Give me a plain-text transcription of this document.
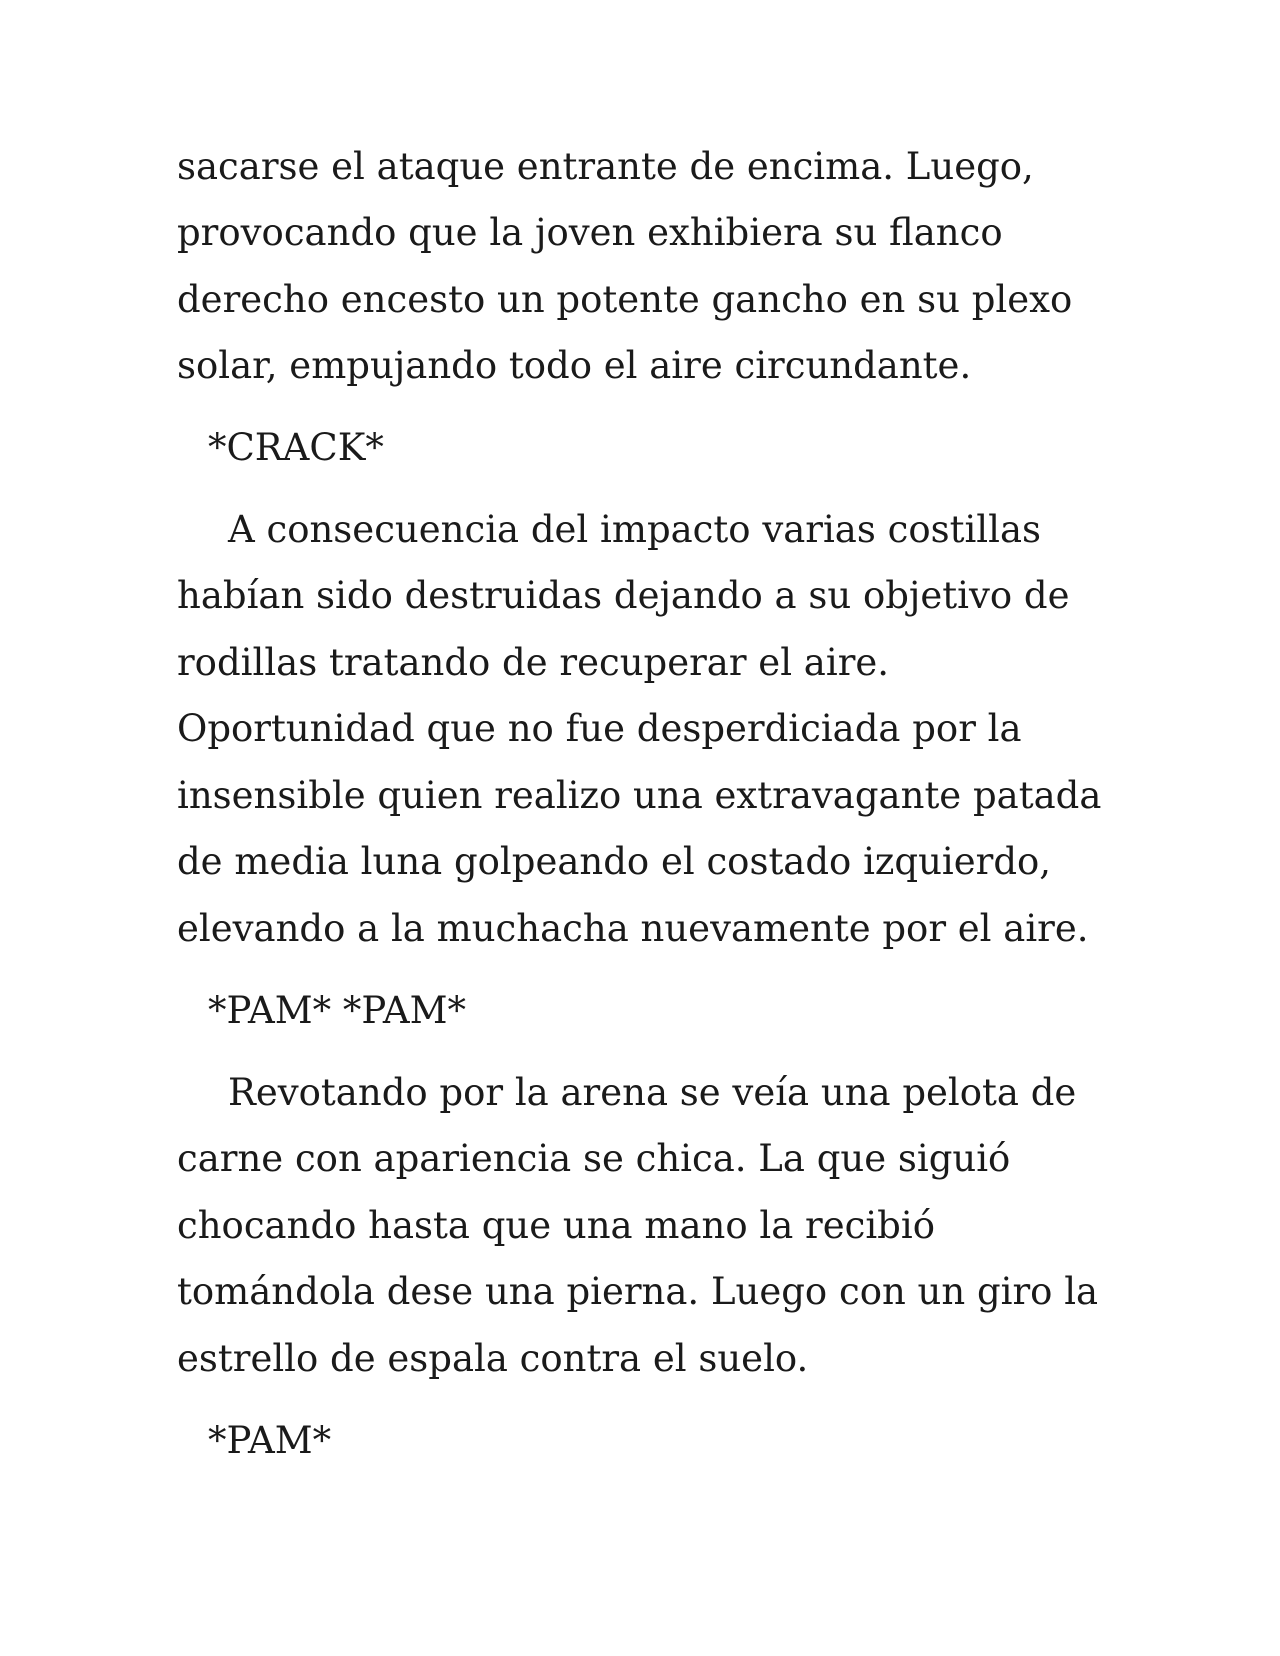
sacarse el ataque entrante de encima. Luego,
provocando que la joven exhibiera su flanco
derecho encesto un potente gancho en su plexo
solar, empujando todo el aire circundante.
*CRACK*
A consecuencia del impacto varias costillas
habían sido destruidas dejando a su objetivo de
rodillas tratando de recuperar el aire.
Oportunidad que no fue desperdiciada por la
insensible quien realizo una extravagante patada
de media luna golpeando el costado izquierdo,
elevando a la muchacha nuevamente por el aire.
*PAM* *PAM*
Revotando por la arena se veía una pelota de
carne con apariencia se chica. La que siguió
chocando hasta que una mano la recibió
tomándola dese una pierna. Luego con un giro la
estrello de espala contra el suelo.
*PAM*
